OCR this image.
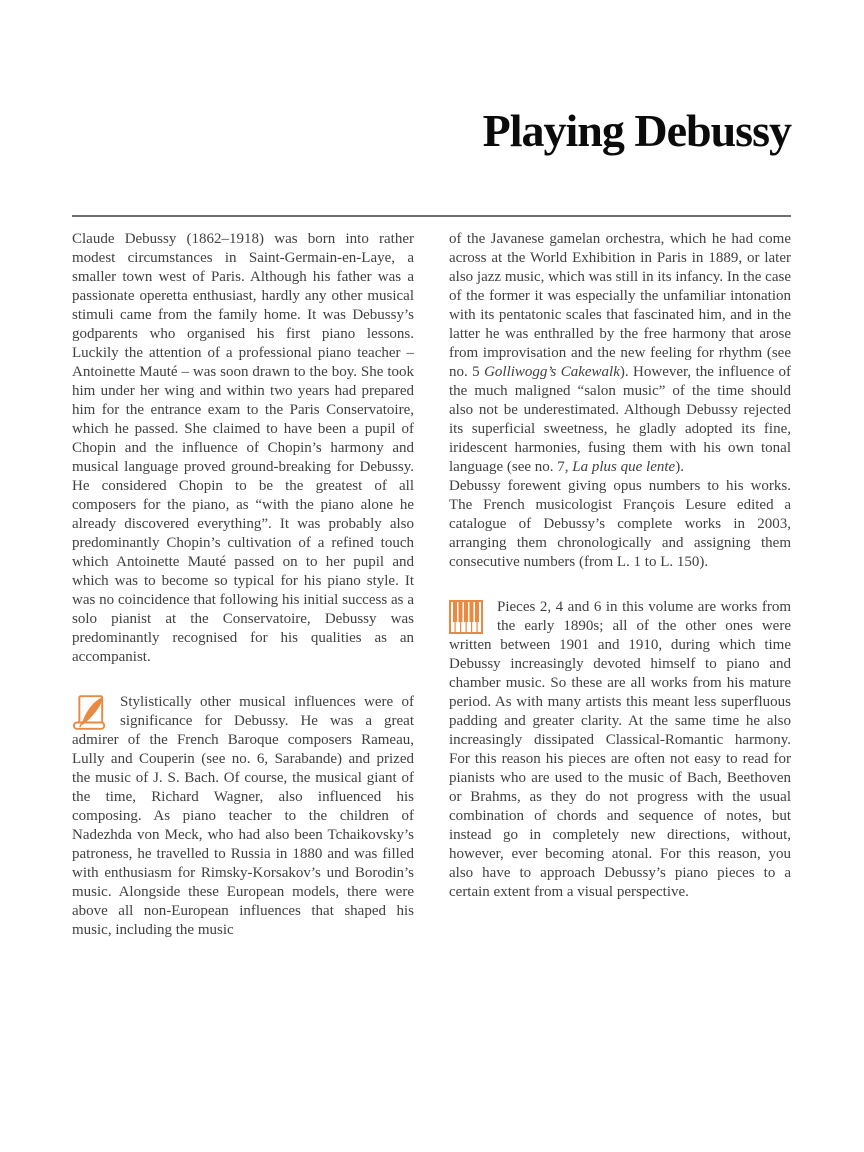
Playing Debussy

Claude Debussy (1862–1918) was born into rather modest circumstances in Saint-Germain-en-Laye, a smaller town west of Paris. Although his father was a passionate operetta enthusiast, hardly any other musical stimuli came from the family home. It was Debussy’s godparents who organised his first piano lessons. Luckily the attention of a professional piano teacher – Antoinette Mauté – was soon drawn to the boy. She took him under her wing and within two years had prepared him for the entrance exam to the Paris Conservatoire, which he passed. She claimed to have been a pupil of Chopin and the influence of Chopin’s harmony and musical language proved ground-breaking for Debussy. He considered Chopin to be the greatest of all composers for the piano, as “with the piano alone he already discovered everything”. It was probably also predominantly Chopin’s cultivation of a refined touch which Antoinette Mauté passed on to her pupil and which was to become so typical for his piano style. It was no coincidence that following his initial success as a solo pianist at the Conservatoire, Debussy was predominantly recognised for his qualities as an accompanist.

Stylistically other musical influences were of significance for Debussy. He was a great admirer of the French Baroque composers Rameau, Lully and Couperin (see no. 6, Sarabande) and prized the music of J. S. Bach. Of course, the musical giant of the time, Richard Wagner, also influenced his composing. As piano teacher to the children of Nadezhda von Meck, who had also been Tchaikovsky’s patroness, he travelled to Russia in 1880 and was filled with enthusiasm for Rimsky-Korsakov’s und Borodin’s music. Alongside these European models, there were above all non-European influences that shaped his music, including the music

of the Javanese gamelan orchestra, which he had come across at the World Exhibition in Paris in 1889, or later also jazz music, which was still in its infancy. In the case of the former it was especially the unfamiliar intonation with its pentatonic scales that fascinated him, and in the latter he was enthralled by the free harmony that arose from improvisation and the new feeling for rhythm (see no. 5 Golliwogg’s Cakewalk). However, the influence of the much maligned “salon music” of the time should also not be underestimated. Although Debussy rejected its superficial sweetness, he gladly adopted its fine, iridescent harmonies, fusing them with his own tonal language (see no. 7, La plus que lente).

Debussy forewent giving opus numbers to his works. The French musicologist François Lesure edited a catalogue of Debussy’s complete works in 2003, arranging them chronologically and assigning them consecutive numbers (from L. 1 to L. 150).

Pieces 2, 4 and 6 in this volume are works from the early 1890s; all of the other ones were written between 1901 and 1910, during which time Debussy increasingly devoted himself to piano and chamber music. So these are all works from his mature period. As with many artists this meant less superfluous padding and greater clarity. At the same time he also increasingly dissipated Classical-Romantic harmony. For this reason his pieces are often not easy to read for pianists who are used to the music of Bach, Beethoven or Brahms, as they do not progress with the usual combination of chords and sequence of notes, but instead go in completely new directions, without, however, ever becoming atonal. For this reason, you also have to approach Debussy’s piano pieces to a certain extent from a visual perspective.
